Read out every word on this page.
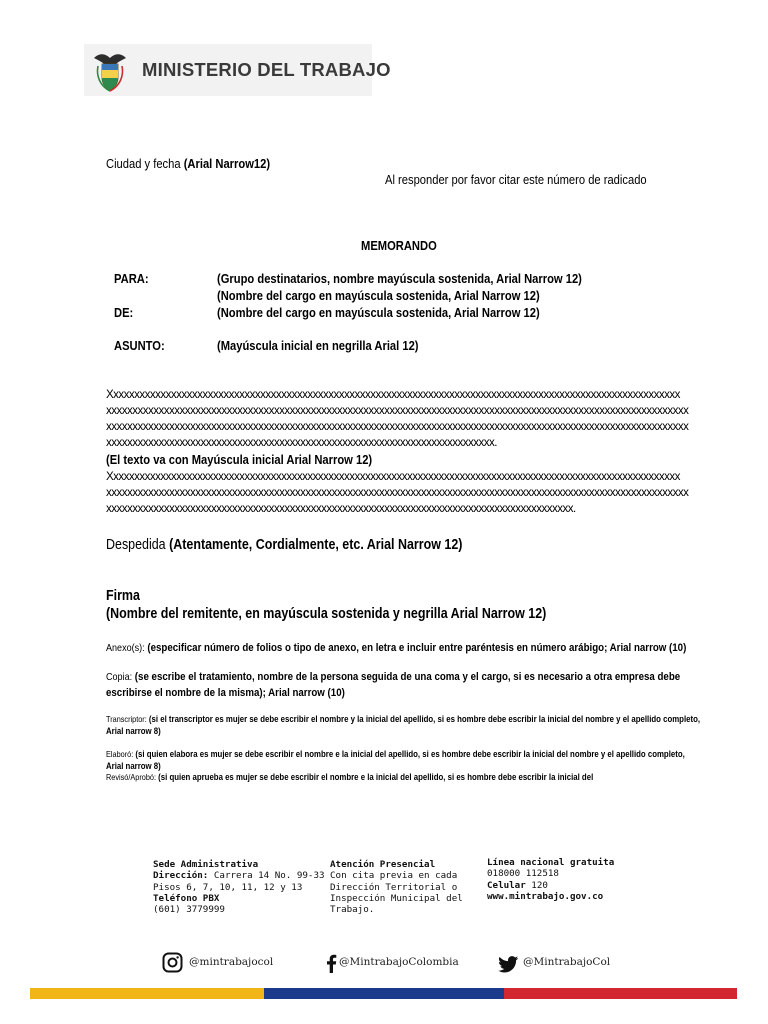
MINISTERIO DEL TRABAJO
Ciudad y fecha (Arial Narrow12)
Al responder por favor citar este número de radicado
MEMORANDO
PARA:	(Grupo destinatarios, nombre mayúscula sostenida, Arial Narrow 12)
(Nombre del cargo en mayúscula sostenida, Arial Narrow 12)
DE:	(Nombre del cargo en mayúscula sostenida, Arial Narrow 12)
ASUNTO:	(Mayúscula inicial en negrilla Arial 12)
Xxxxxxxxxxxxxxxxxxxxxxxxxxxxxxxxxxxxxxxxxxxxxxxxxxxxxxxxxxxxxxxxxxxxxxxxxxxxxxxxxxxxxxxxxxxxxxxxxxxxxxxxxxxxx
xxxxxxxxxxxxxxxxxxxxxxxxxxxxxxxxxxxxxxxxxxxxxxxxxxxxxxxxxxxxxxxxxxxxxxxxxxxxxxxxxxxxxxxxxxxxxxxxxxxxxxxxxxxxxxx
xxxxxxxxxxxxxxxxxxxxxxxxxxxxxxxxxxxxxxxxxxxxxxxxxxxxxxxxxxxxxxxxxxxxxxxxxxxxxxxxxxxxxxxxxxxxxxxxxxxxxxxxxxxxxxx
xxxxxxxxxxxxxxxxxxxxxxxxxxxxxxxxxxxxxxxxxxxxxxxxxxxxxxxxxxxxxxxxxxxxxxxxxx.
(El texto va con Mayúscula inicial Arial Narrow 12)
Xxxxxxxxxxxxxxxxxxxxxxxxxxxxxxxxxxxxxxxxxxxxxxxxxxxxxxxxxxxxxxxxxxxxxxxxxxxxxxxxxxxxxxxxxxxxxxxxxxxxxxxxxxxxx
xxxxxxxxxxxxxxxxxxxxxxxxxxxxxxxxxxxxxxxxxxxxxxxxxxxxxxxxxxxxxxxxxxxxxxxxxxxxxxxxxxxxxxxxxxxxxxxxxxxxxxxxxxxxxxx
xxxxxxxxxxxxxxxxxxxxxxxxxxxxxxxxxxxxxxxxxxxxxxxxxxxxxxxxxxxxxxxxxxxxxxxxxxxxxxxxxxxxxxxxx.
Despedida (Atentamente, Cordialmente, etc. Arial Narrow 12)
Firma
(Nombre del remitente, en mayúscula sostenida y negrilla Arial Narrow 12)
Anexo(s): (especificar número de folios o tipo de anexo, en letra e incluir entre paréntesis en número arábigo; Arial narrow (10)
Copia: (se escribe el tratamiento, nombre de la persona seguida de una coma y el cargo, si es necesario a otra empresa debe
escribirse el nombre de la misma); Arial narrow (10)
Transcriptor: (si el transcriptor es mujer se debe escribir el nombre y la inicial del apellido, si es hombre debe escribir la inicial del nombre y el apellido completo,
Arial narrow 8)
Elaboró: (si quien elabora es mujer se debe escribir el nombre e la inicial del apellido, si es hombre debe escribir la inicial del nombre y el apellido completo,
Arial narrow 8)
Revisó/Aprobó: (si quien aprueba es mujer se debe escribir el nombre e la inicial del apellido, si es hombre debe escribir la inicial del
Sede Administrativa
Dirección: Carrera 14 No. 99-33
Pisos 6, 7, 10, 11, 12 y 13
Teléfono PBX
(601) 3779999
Atención Presencial
Con cita previa en cada
Dirección Territorial o
Inspección Municipal del
Trabajo.
Línea nacional gratuita
018000 112518
Celular 120
www.mintrabajo.gov.co
@mintrabajocol	@MintrabajoColombia	@MintrabajoCol
